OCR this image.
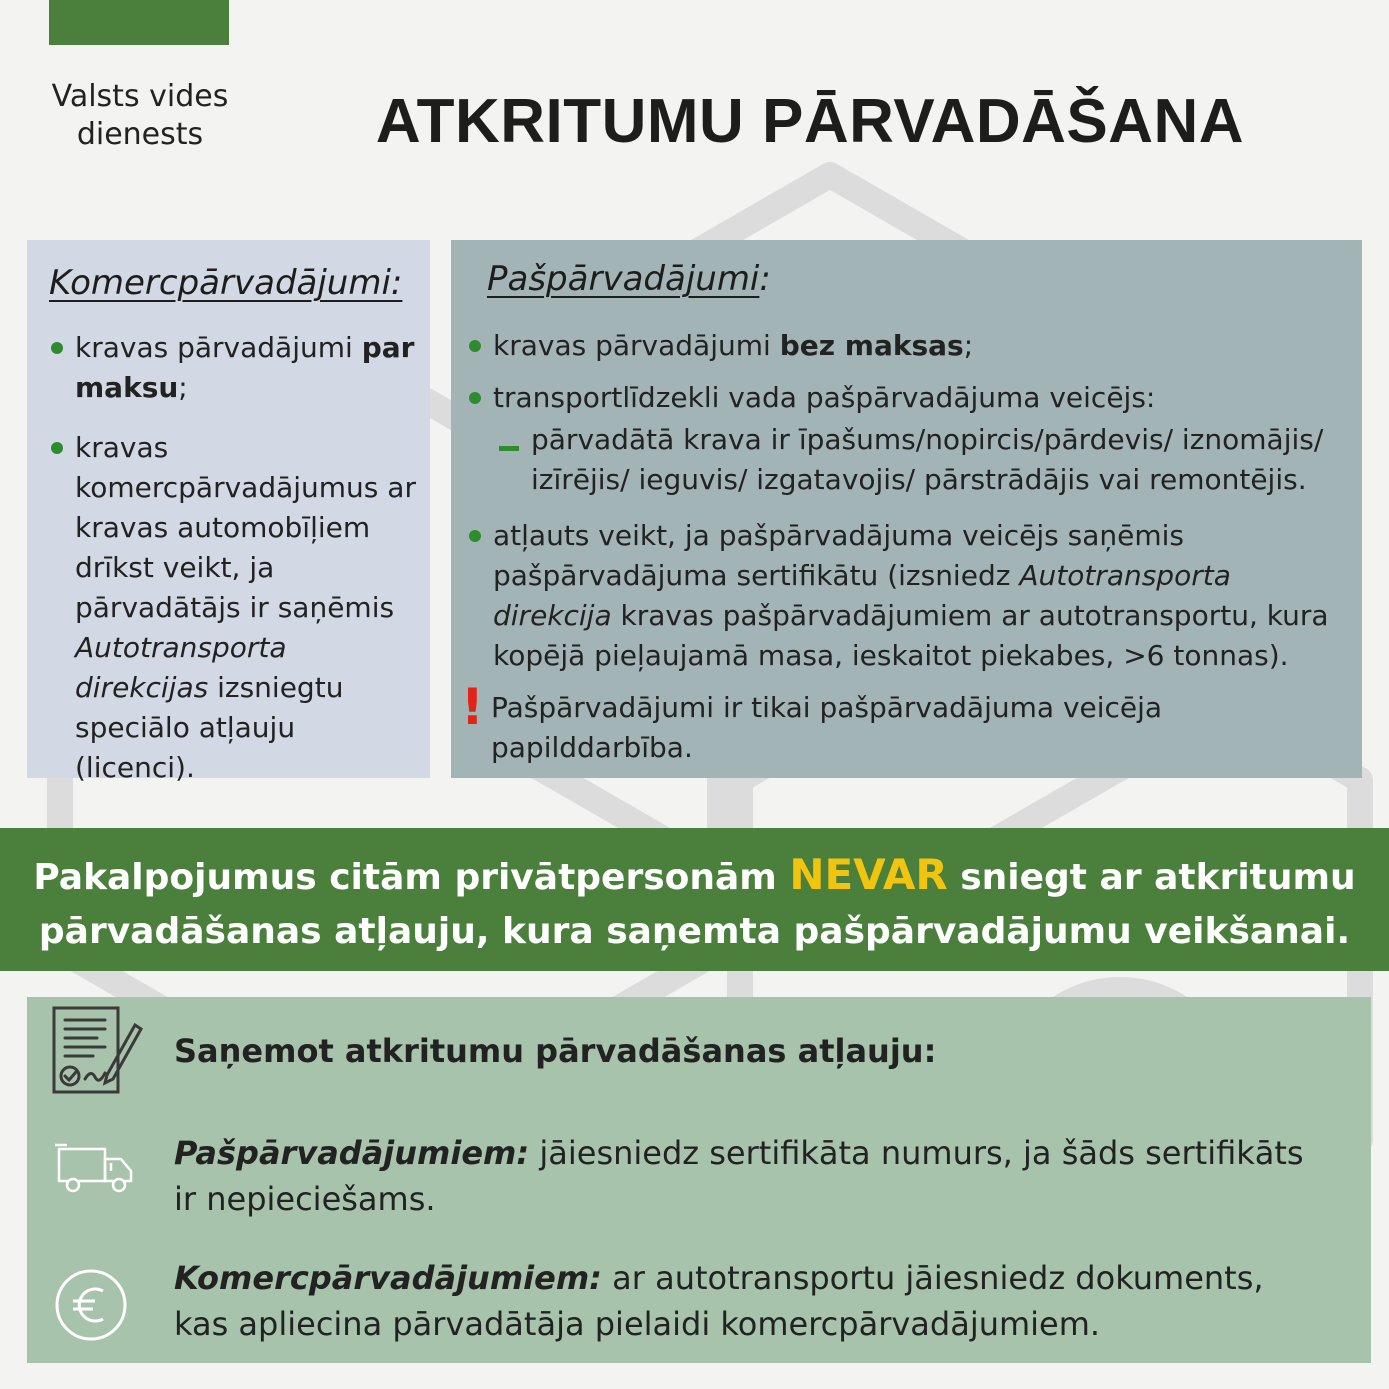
Valsts vides
dienests	ATKRITUMU PĀRVADĀŠANA
Komercpārvadājumi:
kravas pārvadājumi par maksu;
kravas komercpārvadājumus ar kravas automobīļiem drīkst veikt, ja pārvadātājs ir saņēmis Autotransporta direkcijas izsniegtu speciālo atļauju (licenci).
Pašpārvadājumi:
kravas pārvadājumi bez maksas;
transportlīdzekli vada pašpārvadājuma veicējs:
pārvadātā krava ir īpašums/nopircis/pārdevis/ iznomājis/ izīrējis/ ieguvis/ izgatavojis/ pārstrādājis vai remontējis.
atļauts veikt, ja pašpārvadājuma veicējs saņēmis pašpārvadājuma sertifikātu (izsniedz Autotransporta direkcija kravas pašpārvadājumiem ar autotransportu, kura kopējā pieļaujamā masa, ieskaitot piekabes, >6 tonnas).
! Pašpārvadājumi ir tikai pašpārvadājuma veicēja papilddarbība.
Pakalpojumus citām privātpersonām NEVAR sniegt ar atkritumu pārvadāšanas atļauju, kura saņemta pašpārvadājumu veikšanai.
Saņemot atkritumu pārvadāšanas atļauju:
Pašpārvadājumiem: jāiesniedz sertifikāta numurs, ja šāds sertifikāts ir nepieciešams.
Komercpārvadājumiem: ar autotransportu jāiesniedz dokuments, kas apliecina pārvadātāja pielaidi komercpārvadājumiem.
